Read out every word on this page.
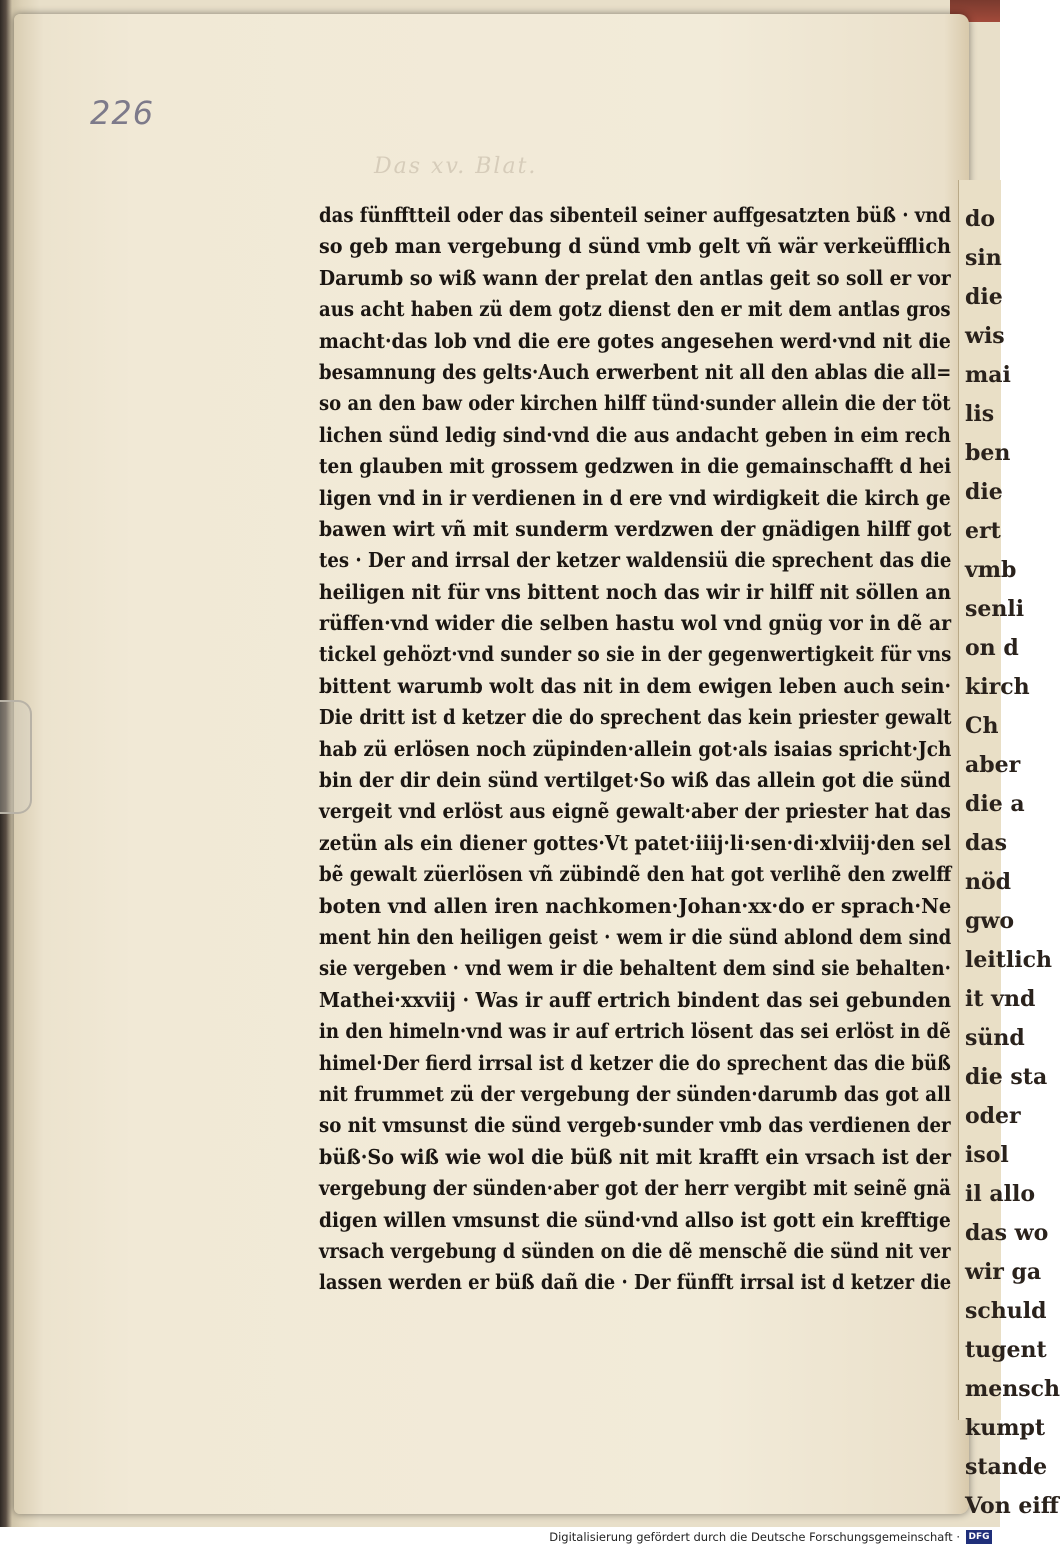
226
Das xv. Blat.
das fünfftteil oder das sibenteil seiner auffgesatzten büß · vnd
so geb man vergebung d sünd vmb gelt vñ wär verkeüfflich
Darumb so wiß wann der prelat den antlas geit so soll er vor
aus acht haben zü dem gotz dienst den er mit dem antlas gros
macht·das lob vnd die ere gotes angesehen werd·vnd nit die
besamnung des gelts·Auch erwerbent nit all den ablas die all=
so an den baw oder kirchen hilff tünd·sunder allein die der töt
lichen sünd ledig sind·vnd die aus andacht geben in eim rech
ten glauben mit grossem gedzwen in die gemainschafft d hei
ligen vnd in ir verdienen in d ere vnd wirdigkeit die kirch ge
bawen wirt vñ mit sunderm verdzwen der gnädigen hilff got
tes · Der and irrsal der ketzer waldensiü die sprechent das die
heiligen nit für vns bittent noch das wir ir hilff nit söllen an
rüffen·vnd wider die selben hastu wol vnd gnüg vor in dẽ ar
tickel gehözt·vnd sunder so sie in der gegenwertigkeit für vns
bittent warumb wolt das nit in dem ewigen leben auch sein·
Die dritt ist d ketzer die do sprechent das kein priester gewalt
hab zü erlösen noch züpinden·allein got·als isaias spricht·Jch
bin der dir dein sünd vertilget·So wiß das allein got die sünd
vergeit vnd erlöst aus eignẽ gewalt·aber der priester hat das
zetün als ein diener gottes·Vt patet·iiij·li·sen·di·xlviij·den sel
bẽ gewalt züerlösen vñ zübindẽ den hat got verlihẽ den zwelff
boten vnd allen iren nachkomen·Johan·xx·do er sprach·Ne
ment hin den heiligen geist · wem ir die sünd ablond dem sind
sie vergeben · vnd wem ir die behaltent dem sind sie behalten·
Mathei·xxviij · Was ir auff ertrich bindent das sei gebunden
in den himeln·vnd was ir auf ertrich lösent das sei erlöst in dẽ
himel·Der fierd irrsal ist d ketzer die do sprechent das die büß
nit frummet zü der vergebung der sünden·darumb das got all
so nit vmsunst die sünd vergeb·sunder vmb das verdienen der
büß·So wiß wie wol die büß nit mit krafft ein vrsach ist der
vergebung der sünden·aber got der herr vergibt mit seinẽ gnä
digen willen vmsunst die sünd·vnd allso ist gott ein krefftige
vrsach vergebung d sünden on die dẽ menschẽ die sünd nit ver
lassen werden er büß dañ die · Der fünfft irrsal ist d ketzer die
do
sin
die
wis
mai
lis
ben
die
ert
vmb
senli
on d
kirch
Ch
aber
die a
das
nöd
gwo
leitlich
it vnd
sünd
die sta
oder
isol
il allo
das wo
wir ga
schuld
tugent
mensch
kumpt
stande
Von eiff
Digitalisierung gefördert durch die Deutsche Forschungsgemeinschaft · DFG
